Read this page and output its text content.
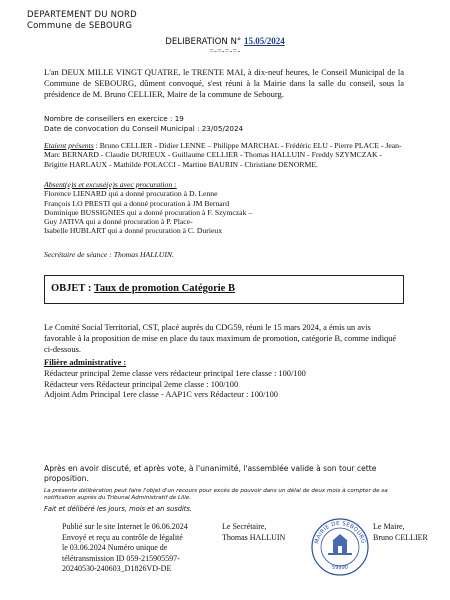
DEPARTEMENT DU NORD
Commune de SEBOURG
DELIBERATION N° 15.05/2024
=-=-=-=-
L'an DEUX MILLE VINGT QUATRE, le TRENTE MAI, à dix-neuf heures, le Conseil Municipal de la Commune de SEBOURG, dûment convoqué, s'est réuni à la Mairie dans la salle du conseil, sous la présidence de M. Bruno CELLIER, Maire de la commune de Sebourg.
Nombre de conseillers en exercice : 19
Date de convocation du Conseil Municipal : 23/05/2024
Etaient présents : Bruno CELLIER - Didier LENNE – Philippe MARCHAL - Frédéric ELU - Pierre PLACE - Jean-Marc BERNARD - Claudie DURIEUX - Guillaume CELLIER - Thomas HALLUIN - Freddy SZYMCZAK - Brigitte HARLAUX - Mathilde POLACCI - Martine BAURIN - Christiane DENORME.
Absent(e)s et excusé(e)s avec procuration :
Florence LIENARD qui a donné procuration à D. Lenne
François LO PRESTI qui a donné procuration à JM Bernard
Dominique BUSSIGNIES qui a donné procuration à F. Szymczak –
Guy JATIVA qui a donné procuration à P. Place-
Isabelle HUBLART qui a donné procuration à C. Durieux
Secrétaire de séance : Thomas HALLUIN.
OBJET : Taux de promotion Catégorie B
Le Comité Social Territorial, CST, placé auprès du CDG59, réuni le 15 mars 2024, a émis un avis favorable à la proposition de mise en place du taux maximum de promotion, catégorie B, comme indiqué ci-dessous.
Filière administrative :
Rédacteur principal 2eme classe vers rédacteur principal 1ere classe : 100/100
Rédacteur vers Rédacteur principal 2eme classe : 100/100
Adjoint Adm Principal 1ere classe - AAP1C vers Rédacteur : 100/100
Après en avoir discuté, et après vote, à l'unanimité, l'assemblée valide à son tour cette proposition.
La présente délibération peut faire l'objet d'un recours pour excès de pouvoir dans un délai de deux mois à compter de sa notification auprès du Tribunal Administratif de Lille.
Fait et délibéré les jours, mois et an susdits.
Publié sur le site Internet le 06.06.2024
Envoyé et reçu au contrôle de légalité
le 03.06.2024 Numéro unique de
télétransmission ID 059-215905597-
20240530-240603_D1826VD-DE
Le Secrétaire,
Thomas HALLUIN	MAIRIE DE SEBOURG
59990
Le Maire,
Bruno CELLIER
